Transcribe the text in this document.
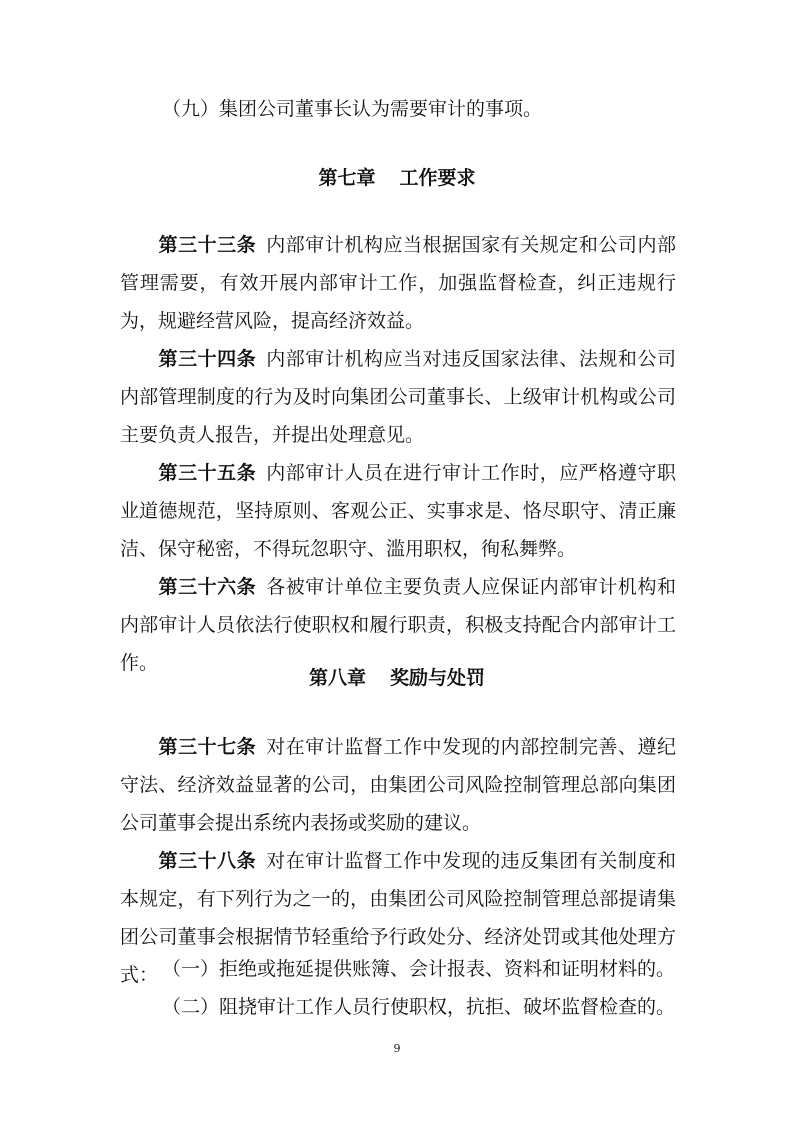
（九）集团公司董事长认为需要审计的事项。
第七章 工作要求
第三十三条 内部审计机构应当根据国家有关规定和公司内部管理需要，有效开展内部审计工作，加强监督检查，纠正违规行为，规避经营风险，提高经济效益。
第三十四条 内部审计机构应当对违反国家法律、法规和公司内部管理制度的行为及时向集团公司董事长、上级审计机构或公司主要负责人报告，并提出处理意见。
第三十五条 内部审计人员在进行审计工作时，应严格遵守职业道德规范，坚持原则、客观公正、实事求是、恪尽职守、清正廉洁、保守秘密，不得玩忽职守、滥用职权，徇私舞弊。
第三十六条 各被审计单位主要负责人应保证内部审计机构和内部审计人员依法行使职权和履行职责，积极支持配合内部审计工作。
第八章 奖励与处罚
第三十七条 对在审计监督工作中发现的内部控制完善、遵纪守法、经济效益显著的公司，由集团公司风险控制管理总部向集团公司董事会提出系统内表扬或奖励的建议。
第三十八条 对在审计监督工作中发现的违反集团有关制度和本规定，有下列行为之一的，由集团公司风险控制管理总部提请集团公司董事会根据情节轻重给予行政处分、经济处罚或其他处理方式： （一）拒绝或拖延提供账簿、会计报表、资料和证明材料的。
（二）阻挠审计工作人员行使职权，抗拒、破坏监督检查的。
9
